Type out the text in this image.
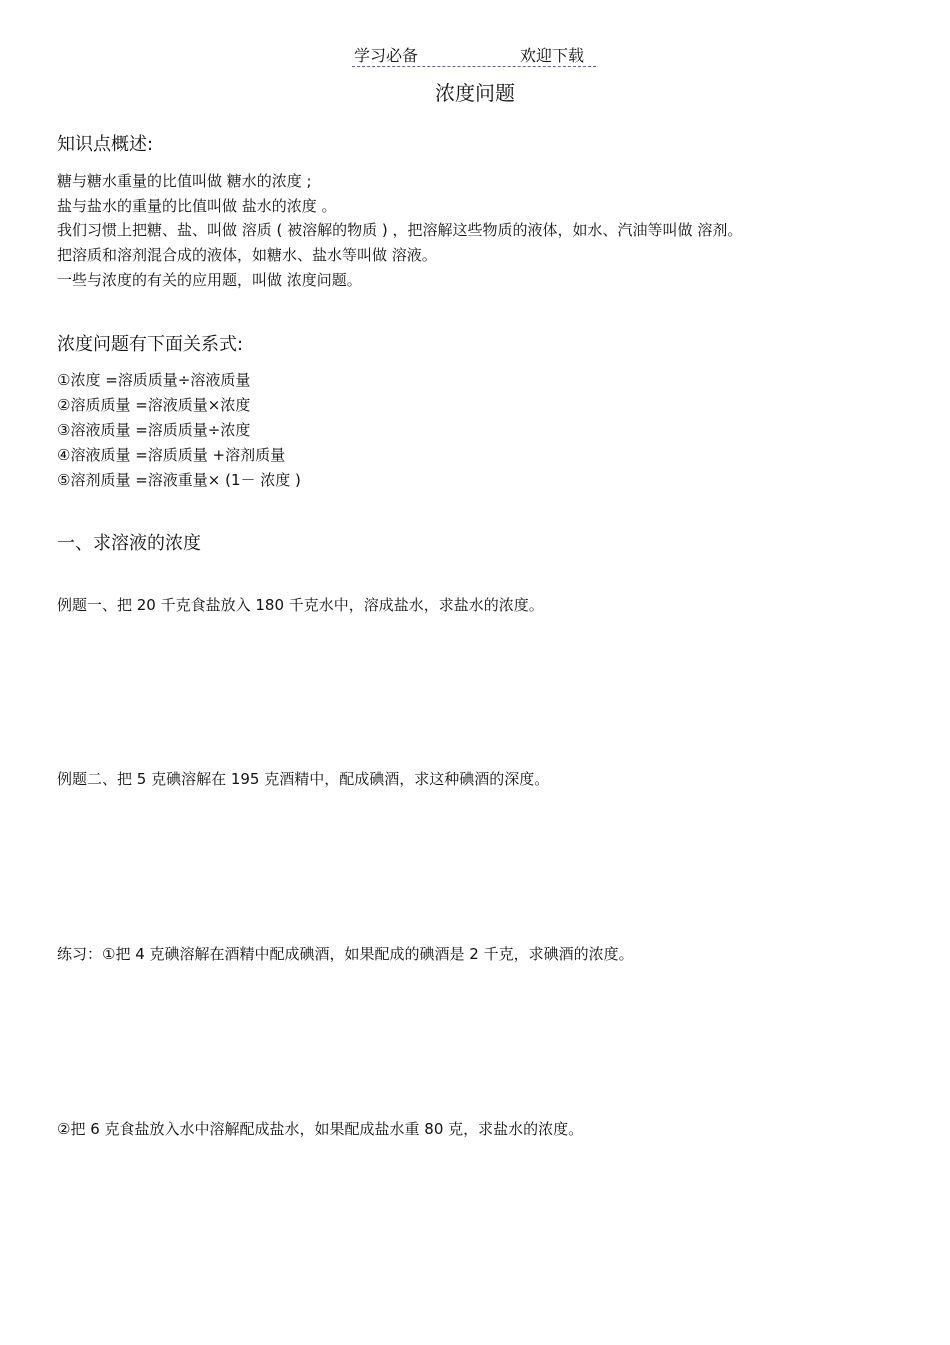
学习必备	欢迎下载
浓度问题
知识点概述:
糖与糖水重量的比值叫做 糖水的浓度 ;
盐与盐水的重量的比值叫做 盐水的浓度 。
我们习惯上把糖、盐、叫做 溶质 ( 被溶解的物质 ) ，把溶解这些物质的液体，如水、汽油等叫做 溶剂。
把溶质和溶剂混合成的液体，如糖水、盐水等叫做 溶液。
一些与浓度的有关的应用题，叫做 浓度问题。
浓度问题有下面关系式:
①浓度 =溶质质量÷溶液质量
②溶质质量 =溶液质量×浓度
③溶液质量 =溶质质量÷浓度
④溶液质量 =溶质质量 +溶剂质量
⑤溶剂质量 =溶液重量× (1－ 浓度 )
一、求溶液的浓度
例题一、把 20 千克食盐放入 180 千克水中，溶成盐水，求盐水的浓度。
例题二、把 5 克碘溶解在 195 克酒精中，配成碘酒，求这种碘酒的深度。
练习：①把 4 克碘溶解在酒精中配成碘酒，如果配成的碘酒是 2 千克，求碘酒的浓度。
②把 6 克食盐放入水中溶解配成盐水，如果配成盐水重 80 克，求盐水的浓度。
